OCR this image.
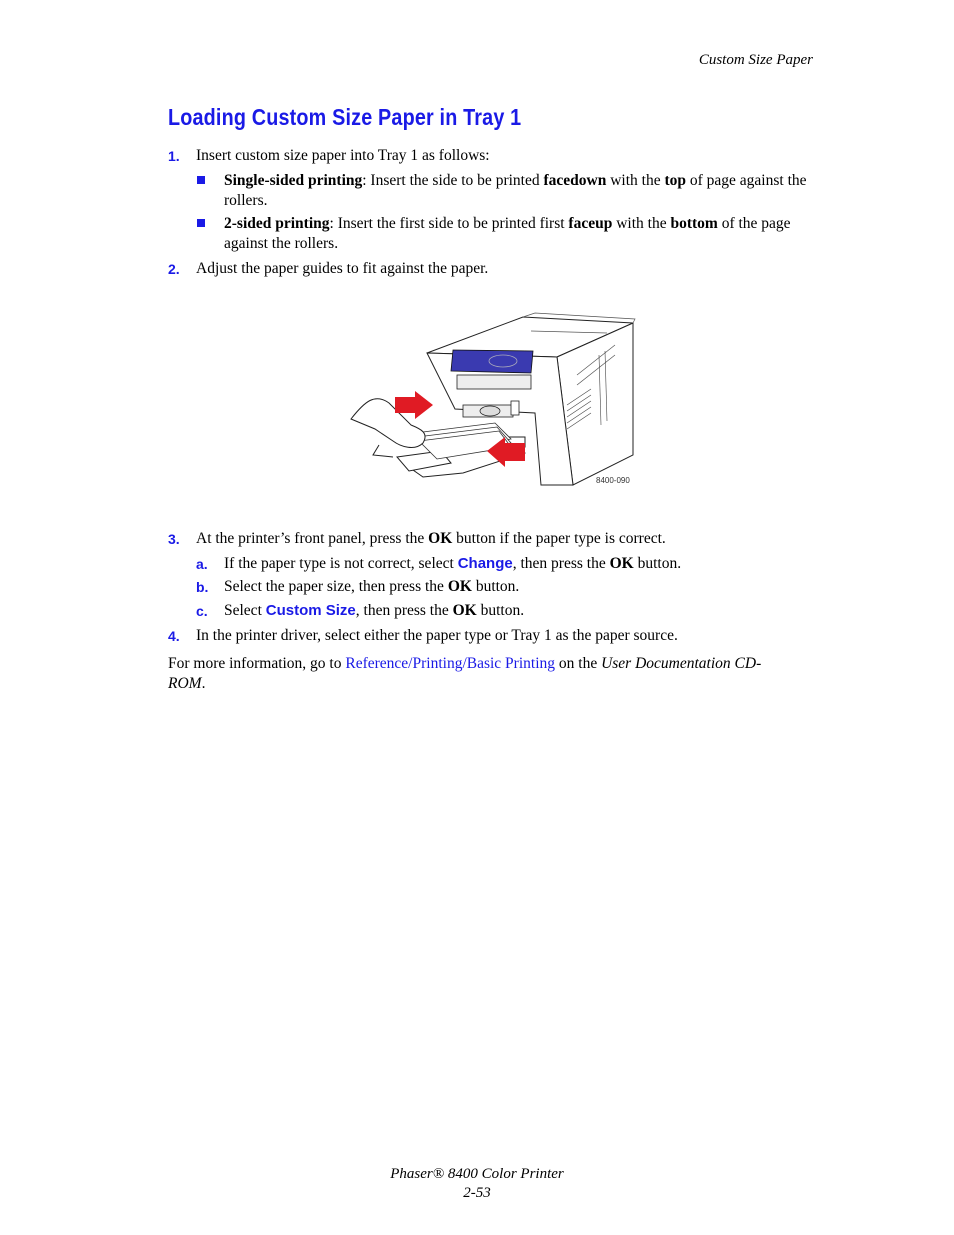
Custom Size Paper
Loading Custom Size Paper in Tray 1
1. Insert custom size paper into Tray 1 as follows:
Single-sided printing: Insert the side to be printed facedown with the top of page against the rollers.
2-sided printing: Insert the first side to be printed first faceup with the bottom of the page against the rollers.
2. Adjust the paper guides to fit against the paper.
8400-090
3. At the printer’s front panel, press the OK button if the paper type is correct.
a. If the paper type is not correct, select Change, then press the OK button.
b. Select the paper size, then press the OK button.
c. Select Custom Size, then press the OK button.
4. In the printer driver, select either the paper type or Tray 1 as the paper source.
For more information, go to Reference/Printing/Basic Printing on the User Documentation CD-ROM.
Phaser® 8400 Color Printer
2-53
